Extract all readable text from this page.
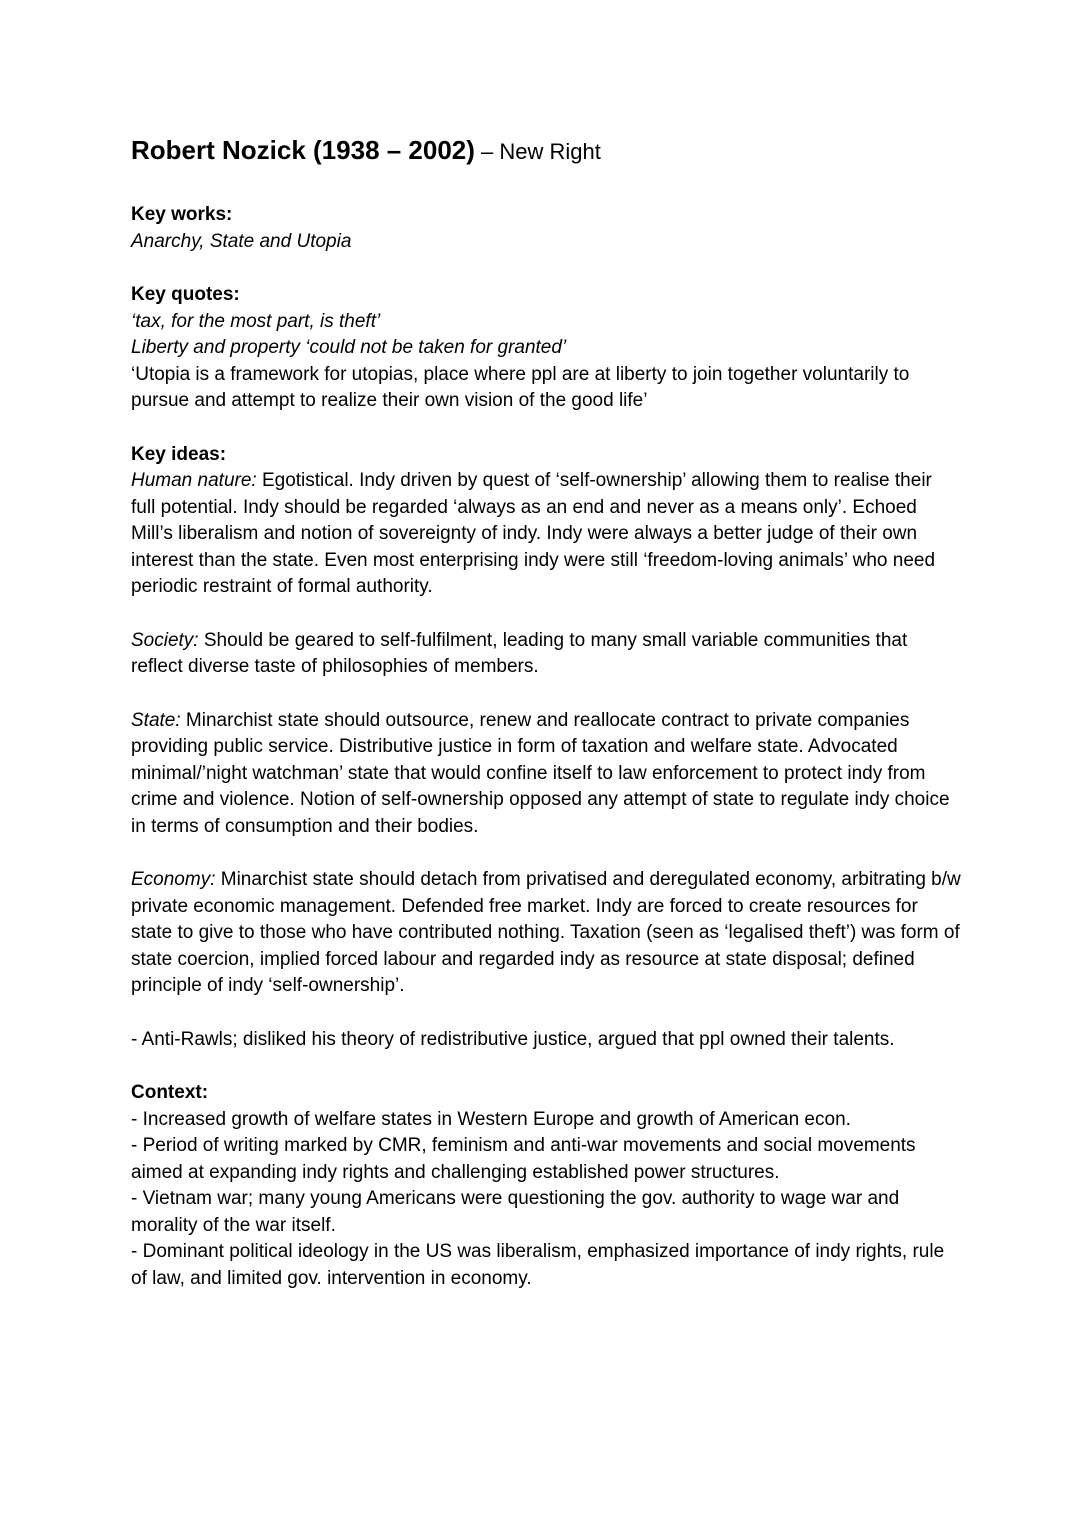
Robert Nozick (1938 – 2002) – New Right
Key works:
Anarchy, State and Utopia
Key quotes:
‘tax, for the most part, is theft’
Liberty and property ‘could not be taken for granted’
‘Utopia is a framework for utopias, place where ppl are at liberty to join together voluntarily to pursue and attempt to realize their own vision of the good life’
Key ideas:
Human nature: Egotistical. Indy driven by quest of ‘self-ownership’ allowing them to realise their full potential. Indy should be regarded ‘always as an end and never as a means only’. Echoed Mill’s liberalism and notion of sovereignty of indy. Indy were always a better judge of their own interest than the state. Even most enterprising indy were still ‘freedom-loving animals’ who need periodic restraint of formal authority.
Society: Should be geared to self-fulfilment, leading to many small variable communities that reflect diverse taste of philosophies of members.
State: Minarchist state should outsource, renew and reallocate contract to private companies providing public service. Distributive justice in form of taxation and welfare state. Advocated minimal/’night watchman’ state that would confine itself to law enforcement to protect indy from crime and violence. Notion of self-ownership opposed any attempt of state to regulate indy choice in terms of consumption and their bodies.
Economy: Minarchist state should detach from privatised and deregulated economy, arbitrating b/w private economic management. Defended free market. Indy are forced to create resources for state to give to those who have contributed nothing. Taxation (seen as ‘legalised theft’) was form of state coercion, implied forced labour and regarded indy as resource at state disposal; defined principle of indy ‘self-ownership’.
- Anti-Rawls; disliked his theory of redistributive justice, argued that ppl owned their talents.
Context:
- Increased growth of welfare states in Western Europe and growth of American econ.
- Period of writing marked by CMR, feminism and anti-war movements and social movements aimed at expanding indy rights and challenging established power structures.
- Vietnam war; many young Americans were questioning the gov. authority to wage war and morality of the war itself.
- Dominant political ideology in the US was liberalism, emphasized importance of indy rights, rule of law, and limited gov. intervention in economy.
